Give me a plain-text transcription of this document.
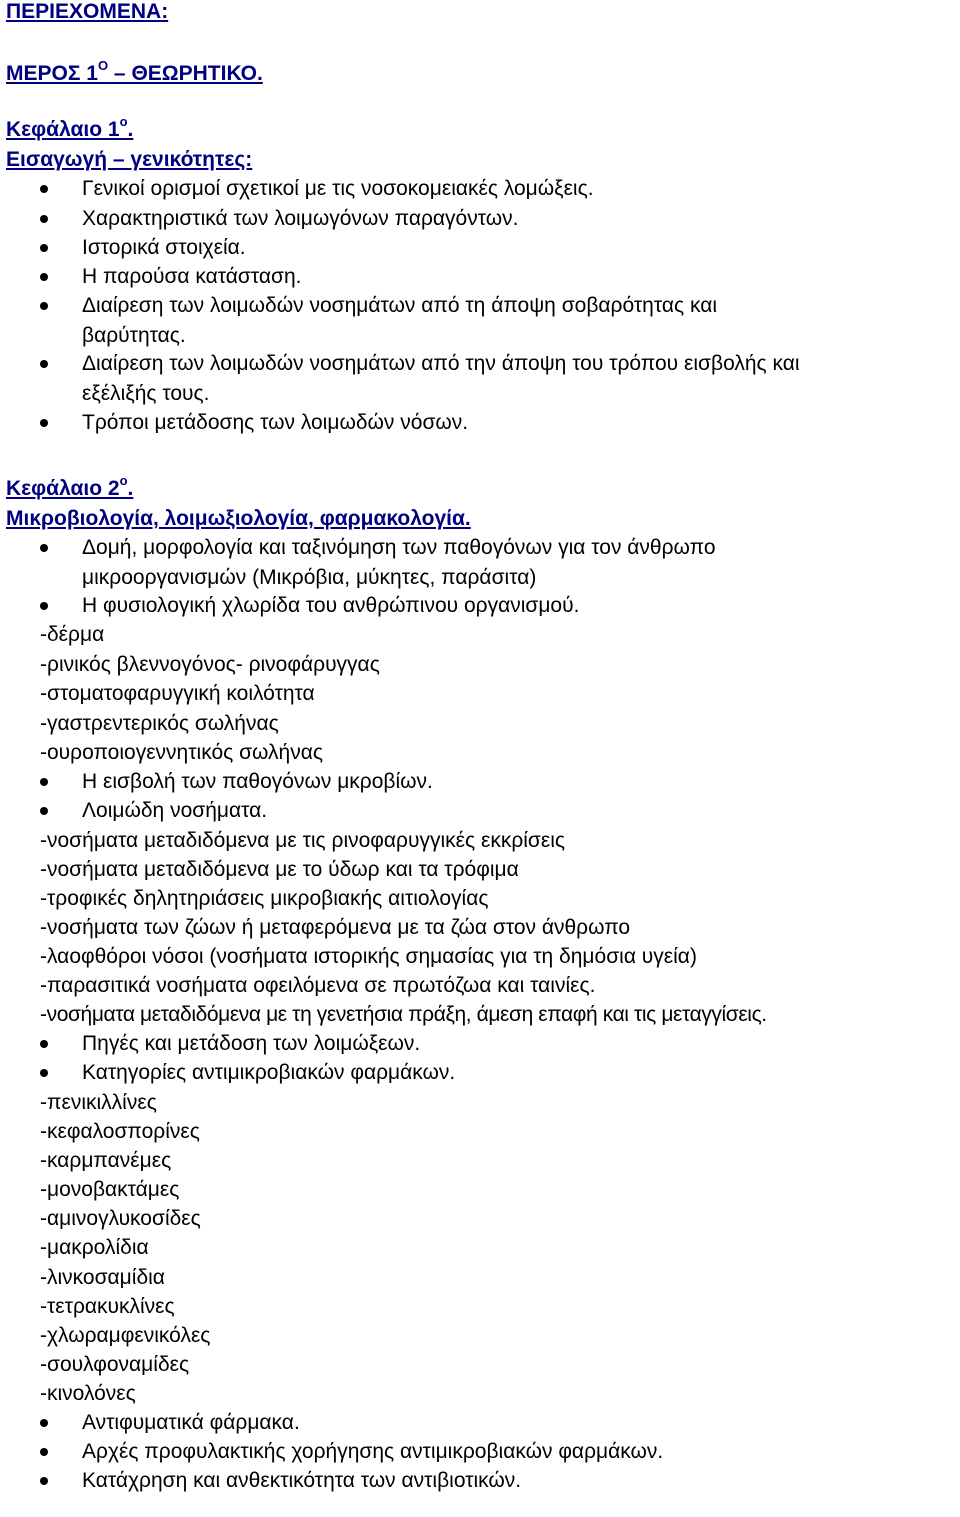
ΠΕΡΙΕΧΟΜΕΝΑ:
ΜΕΡΟΣ $1^O$ – ΘΕΩΡΗΤΙΚΟ.
Κεφάλαιο $1^o$.
Εισαγωγή – γενικότητες:
Γενικοί ορισμοί σχετικοί με τις νοσοκομειακές λομώξεις.
Χαρακτηριστικά των λοιμωγόνων παραγόντων.
Ιστορικά στοιχεία.
Η παρούσα κατάσταση.
Διαίρεση των λοιμωδών νοσημάτων από τη άποψη σοβαρότητας και
βαρύτητας.
Διαίρεση των λοιμωδών νοσημάτων από την άποψη του τρόπου εισβολής και
εξέλιξής τους.
Τρόποι μετάδοσης των λοιμωδών νόσων.
Κεφάλαιο $2^o$.
Μικροβιολογία, λοιμωξιολογία, φαρμακολογία.
Δομή, μορφολογία και ταξινόμηση των παθογόνων για τον άνθρωπο
μικροοργανισμών (Μικρόβια, μύκητες, παράσιτα)
Η φυσιολογική χλωρίδα του ανθρώπινου οργανισμού.
-δέρμα
-ρινικός βλεννογόνος- ρινοφάρυγγας
-στοματοφαρυγγική κοιλότητα
-γαστρεντερικός σωλήνας
-ουροποιογεννητικός σωλήνας
Η εισβολή των παθογόνων μκροβίων.
Λοιμώδη νοσήματα.
-νοσήματα μεταδιδόμενα με τις ρινοφαρυγγικές εκκρίσεις
-νοσήματα μεταδιδόμενα με το ύδωρ και τα τρόφιμα
-τροφικές δηλητηριάσεις μικροβιακής αιτιολογίας
-νοσήματα των ζώων ή μεταφερόμενα με τα ζώα στον άνθρωπο
-λαοφθόροι νόσοι (νοσήματα ιστορικής σημασίας για τη δημόσια υγεία)
-παρασιτικά νοσήματα οφειλόμενα σε πρωτόζωα και ταινίες.
-νοσήματα μεταδιδόμενα με τη γενετήσια πράξη, άμεση επαφή και τις μεταγγίσεις.
Πηγές και μετάδοση των λοιμώξεων.
Κατηγορίες αντιμικροβιακών φαρμάκων.
-πενικιλλίνες
-κεφαλοσπορίνες
-καρμπανέμες
-μονοβακτάμες
-αμινογλυκοσίδες
-μακρολίδια
-λινκοσαμίδια
-τετρακυκλίνες
-χλωραμφενικόλες
-σουλφοναμίδες
-κινολόνες
Αντιφυματικά φάρμακα.
Αρχές προφυλακτικής χορήγησης αντιμικροβιακών φαρμάκων.
Κατάχρηση και ανθεκτικότητα των αντιβιοτικών.
